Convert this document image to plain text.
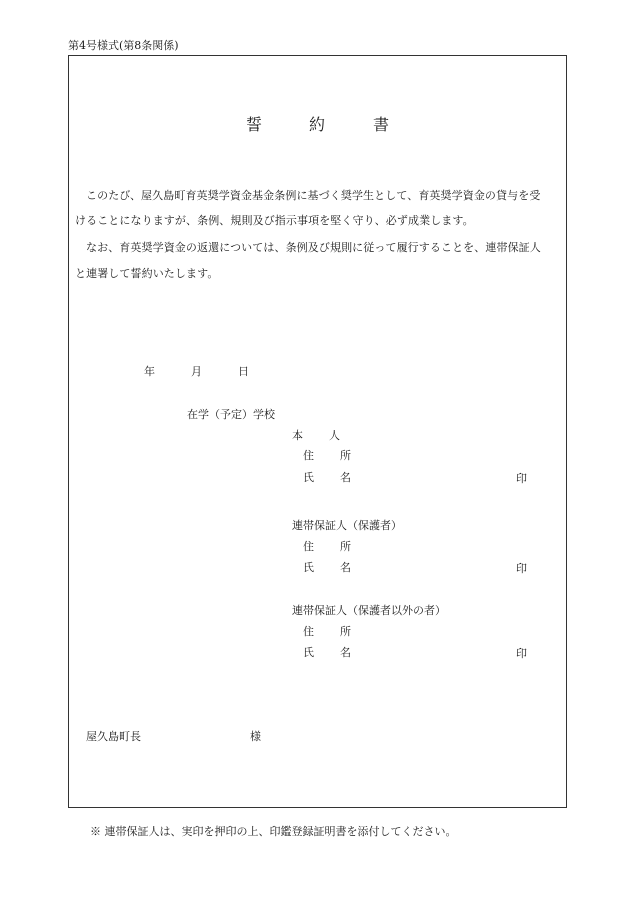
第4号様式(第8条関係)
誓	約	書
このたび、屋久島町育英奨学資金基金条例に基づく奨学生として、育英奨学資金の貸与を受
けることになりますが、条例、規則及び指示事項を堅く守り、必ず成業します。
なお、育英奨学資金の返還については、条例及び規則に従って履行することを、連帯保証人
と連署して誓約いたします。
年	月	日
在学（予定）学校
本 人
住 所
氏 名	印
連帯保証人（保護者）
住 所
氏 名	印
連帯保証人（保護者以外の者）
住 所
氏 名	印
屋久島町長	様
※ 連帯保証人は、実印を押印の上、印鑑登録証明書を添付してください。
